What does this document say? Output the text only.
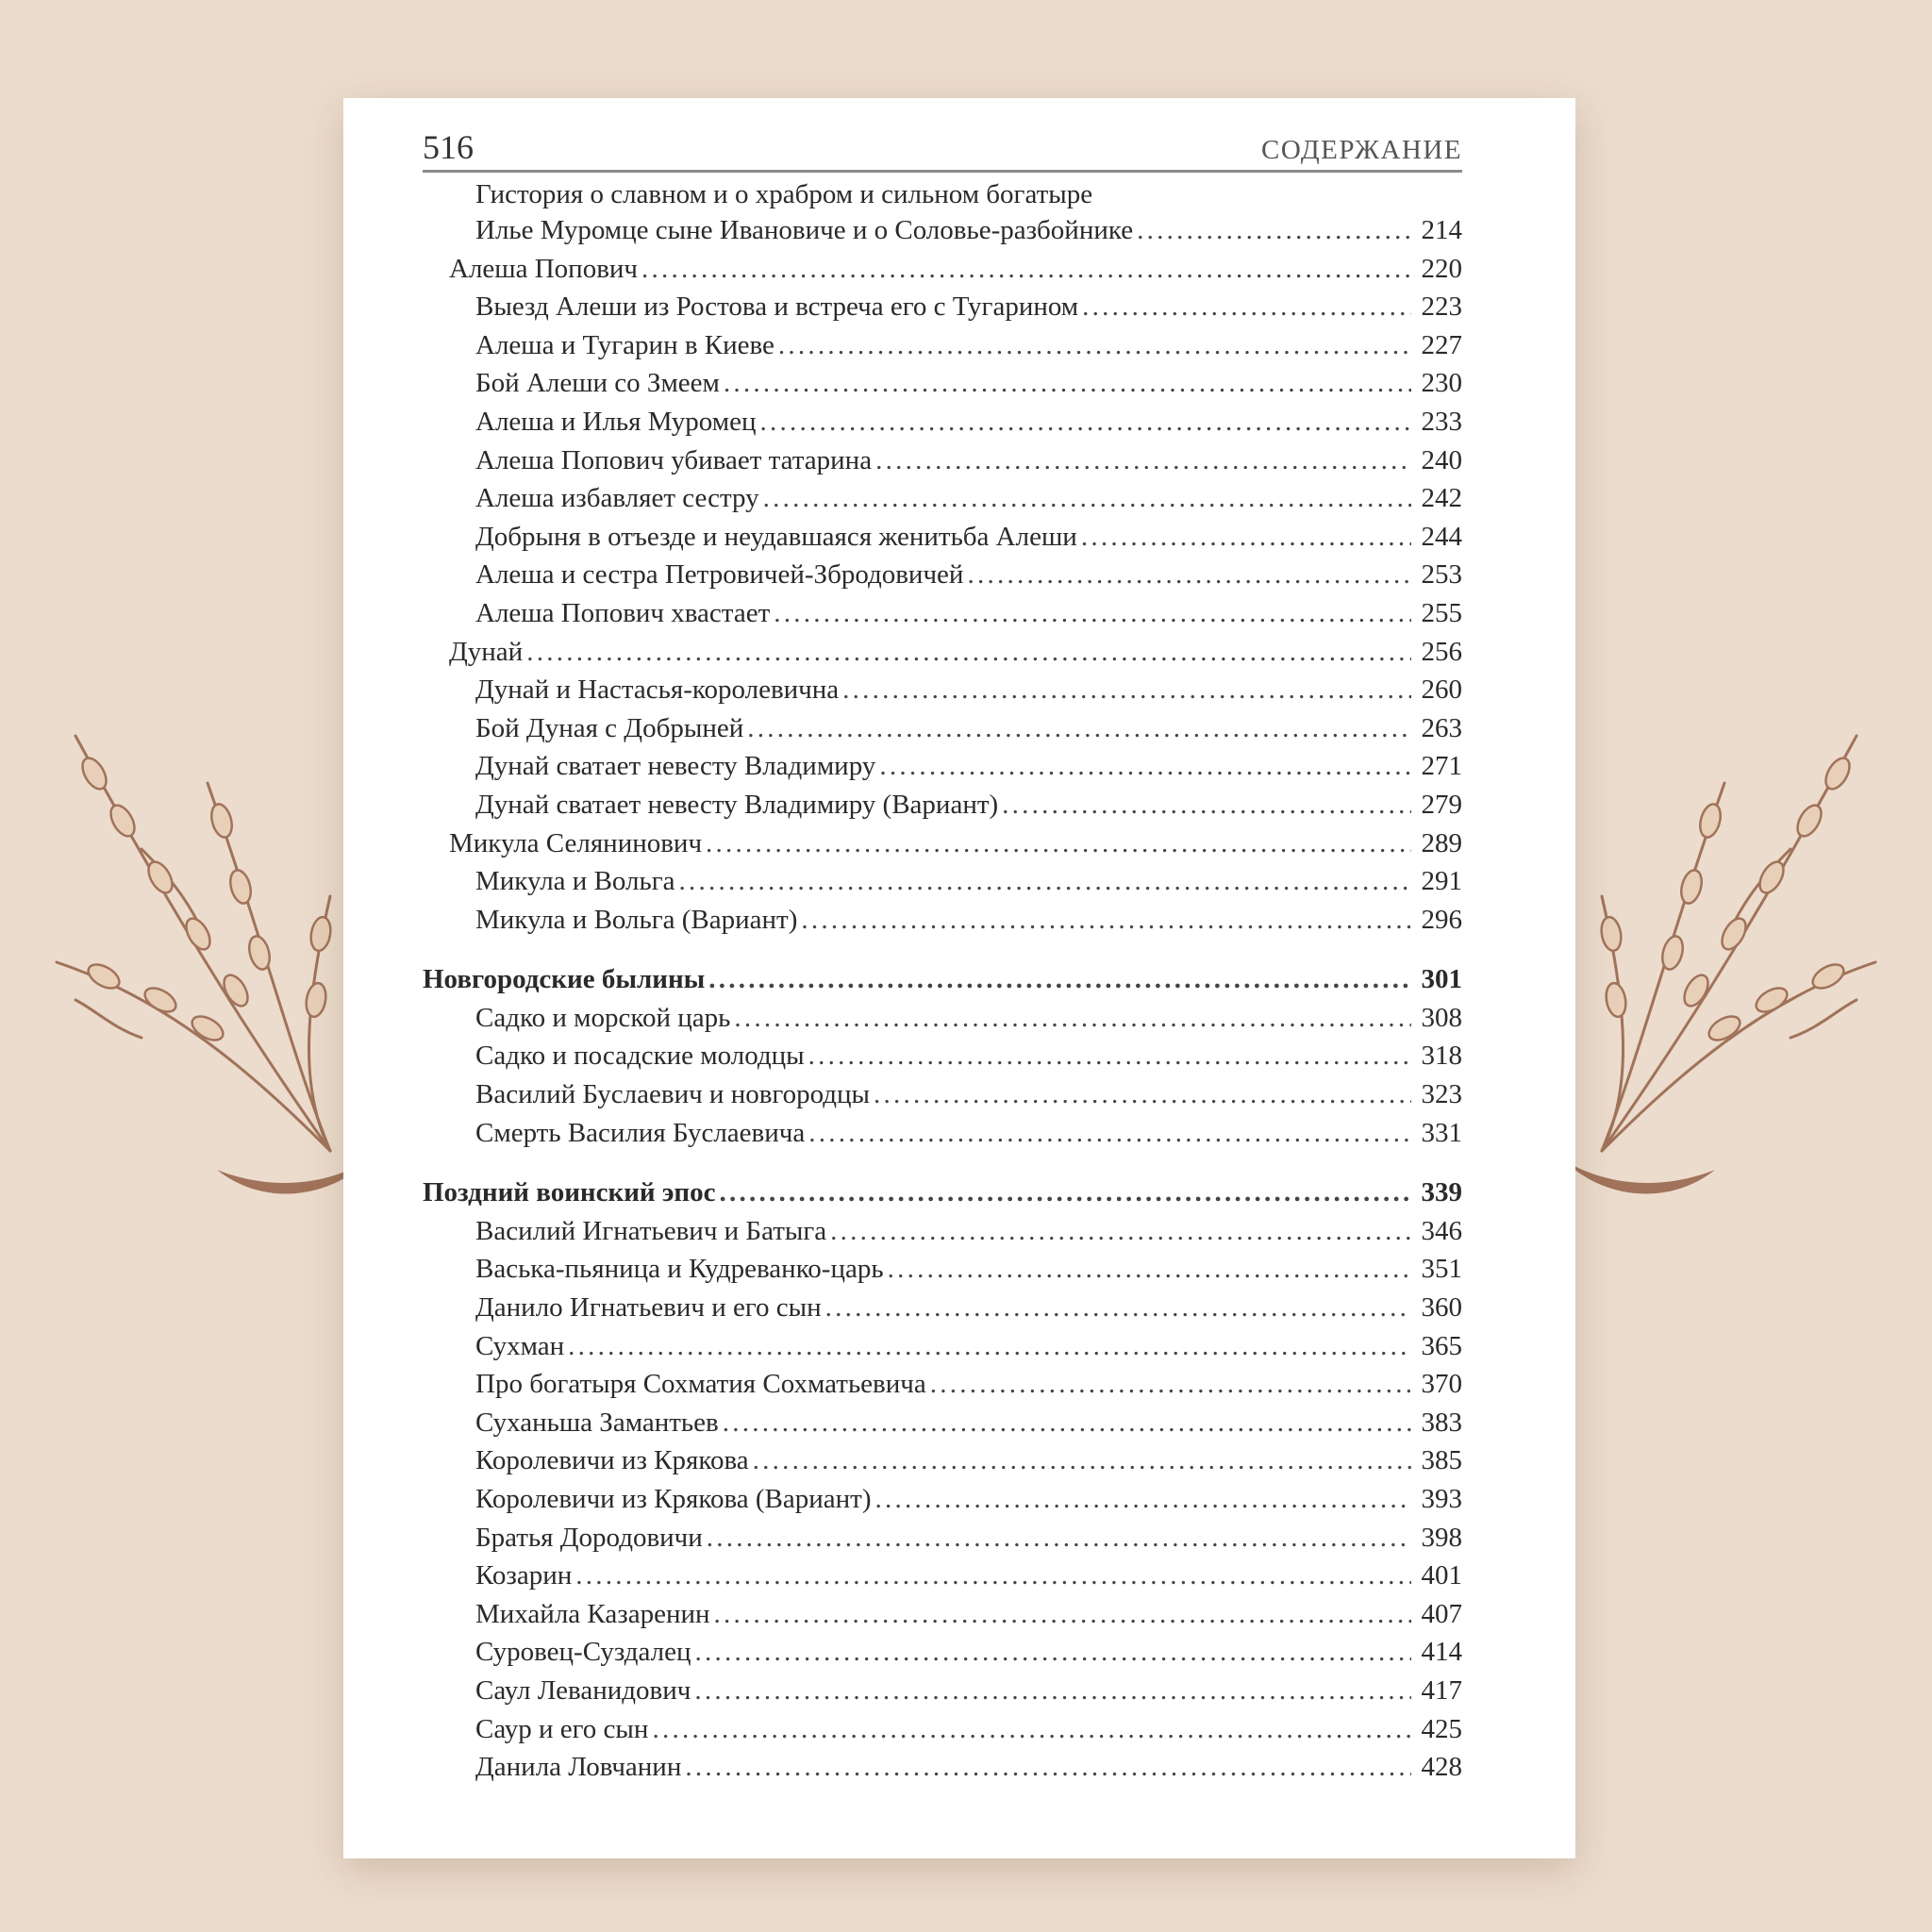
516	СОДЕРЖАНИЕ
Гистория о славном и о храбром и сильном богатыре
Илье Муромце сыне Ивановиче и о Соловье-разбойнике . . .	214
Алеша Попович . . .	220
Выезд Алеши из Ростова и встреча его с Тугарином . . .	223
Алеша и Тугарин в Киеве . . .	227
Бой Алеши со Змеем . . .	230
Алеша и Илья Муромец . . .	233
Алеша Попович убивает татарина . . .	240
Алеша избавляет сестру . . .	242
Добрыня в отъезде и неудавшаяся женитьба Алеши . . .	244
Алеша и сестра Петровичей-Збродовичей . . .	253
Алеша Попович хвастает . . .	255
Дунай . . .	256
Дунай и Настасья-королевична . . .	260
Бой Дуная с Добрыней . . .	263
Дунай сватает невесту Владимиру . . .	271
Дунай сватает невесту Владимиру (Вариант) . . .	279
Микула Селянинович . . .	289
Микула и Вольга . . .	291
Микула и Вольга (Вариант) . . .	296
Новгородские былины . . .	301
Садко и морской царь . . .	308
Садко и посадские молодцы . . .	318
Василий Буслаевич и новгородцы . . .	323
Смерть Василия Буслаевича . . .	331
Поздний воинский эпос . . .	339
Василий Игнатьевич и Батыга . . .	346
Васька-пьяница и Кудреванко-царь . . .	351
Данило Игнатьевич и его сын . . .	360
Сухман . . .	365
Про богатыря Сохматия Сохматьевича . . .	370
Суханьша Замантьев . . .	383
Королевичи из Крякова . . .	385
Королевичи из Крякова (Вариант) . . .	393
Братья Дородовичи . . .	398
Козарин . . .	401
Михайла Казаренин . . .	407
Суровец-Суздалец . . .	414
Саул Леванидович . . .	417
Саур и его сын . . .	425
Данила Ловчанин . . .	428
